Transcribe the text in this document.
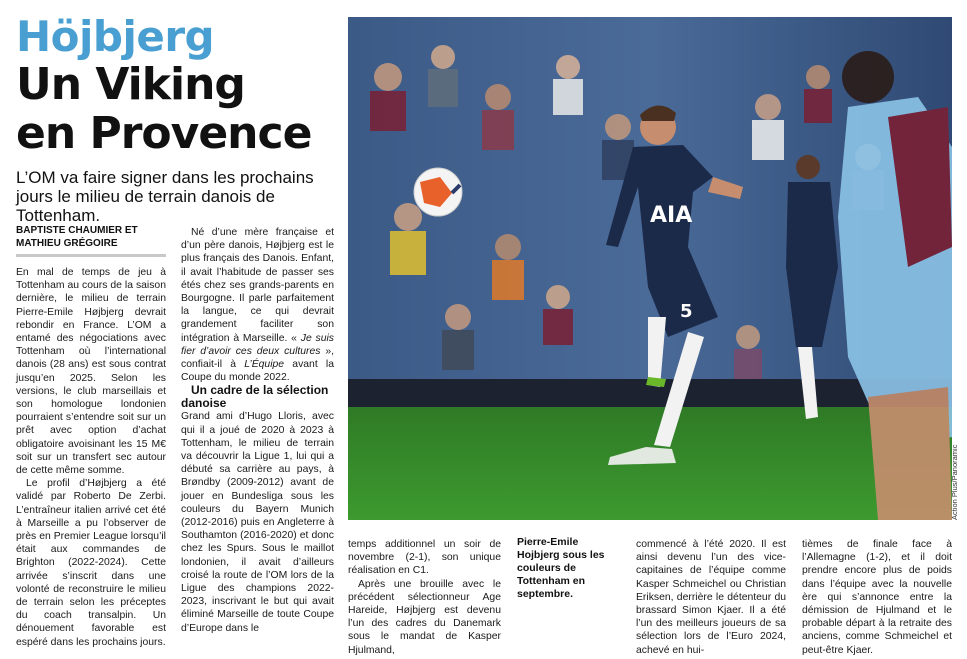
Höjbjerg
Un Viking
en Provence
L’OM va faire signer dans les prochains jours le milieu de terrain danois de Tottenham.
BAPTISTE CHAUMIER ET MATHIEU GRÉGOIRE

En mal de temps de jeu à Tottenham au cours de la saison dernière, le milieu de terrain Pierre-Emile Højbjerg devrait rebondir en France. L’OM a entamé des négociations avec Tottenham où l’international danois (28 ans) est sous contrat jusqu’en 2025. Selon les versions, le club marseillais et son homologue londonien pourraient s’entendre soit sur un prêt avec option d’achat obligatoire avoisinant les 15 M€ soit sur un transfert sec autour de cette même somme.

Le profil d’Højbjerg a été validé par Roberto De Zerbi. L’entraîneur italien arrivé cet été à Marseille a pu l’observer de près en Premier League lorsqu’il était aux commandes de Brighton (2022-2024). Cette arrivée s’inscrit dans une volonté de reconstruire le milieu de terrain selon les préceptes du coach transalpin. Un dénouement favorable est espéré dans les prochains jours.

Né d’une mère française et d’un père danois, Højbjerg est le plus français des Danois. Enfant, il avait l’habitude de passer ses étés chez ses grands-parents en Bourgogne. Il parle parfaitement la langue, ce qui devrait grandement faciliter son intégration à Marseille. « Je suis fier d’avoir ces deux cultures », confiait-il à L’Équipe avant la Coupe du monde 2022.

Un cadre de la sélection danoise

Grand ami d’Hugo Lloris, avec qui il a joué de 2020 à 2023 à Tottenham, le milieu de terrain va découvrir la Ligue 1, lui qui a débuté sa carrière au pays, à Brøndby (2009-2012) avant de jouer en Bundesliga sous les couleurs du Bayern Munich (2012-2016) puis en Angleterre à Southamton (2016-2020) et donc chez les Spurs. Sous le maillot londonien, il avait d’ailleurs croisé la route de l’OM lors de la Ligue des champions 2022-2023, inscrivant le but qui avait éliminé Marseille de toute Coupe d’Europe dans le

AIA
5
Action Plus/Panoramic

temps additionnel un soir de novembre (2-1), son unique réalisation en C1.

Après une brouille avec le précédent sélectionneur Age Hareide, Højbjerg est devenu l’un des cadres du Danemark sous le mandat de Kasper Hjulmand,

Pierre-Emile Hojbjerg sous les couleurs de Tottenham en septembre.

commencé à l’été 2020. Il est ainsi devenu l’un des vice-capitaines de l’équipe comme Kasper Schmeichel ou Christian Eriksen, derrière le détenteur du brassard Simon Kjaer. Il a été l’un des meilleurs joueurs de sa sélection lors de l’Euro 2024, achevé en hui-

tièmes de finale face à l’Allemagne (1-2), et il doit prendre encore plus de poids dans l’équipe avec la nouvelle ère qui s’annonce entre la démission de Hjulmand et le probable départ à la retraite des anciens, comme Schmeichel et peut-être Kjaer.
